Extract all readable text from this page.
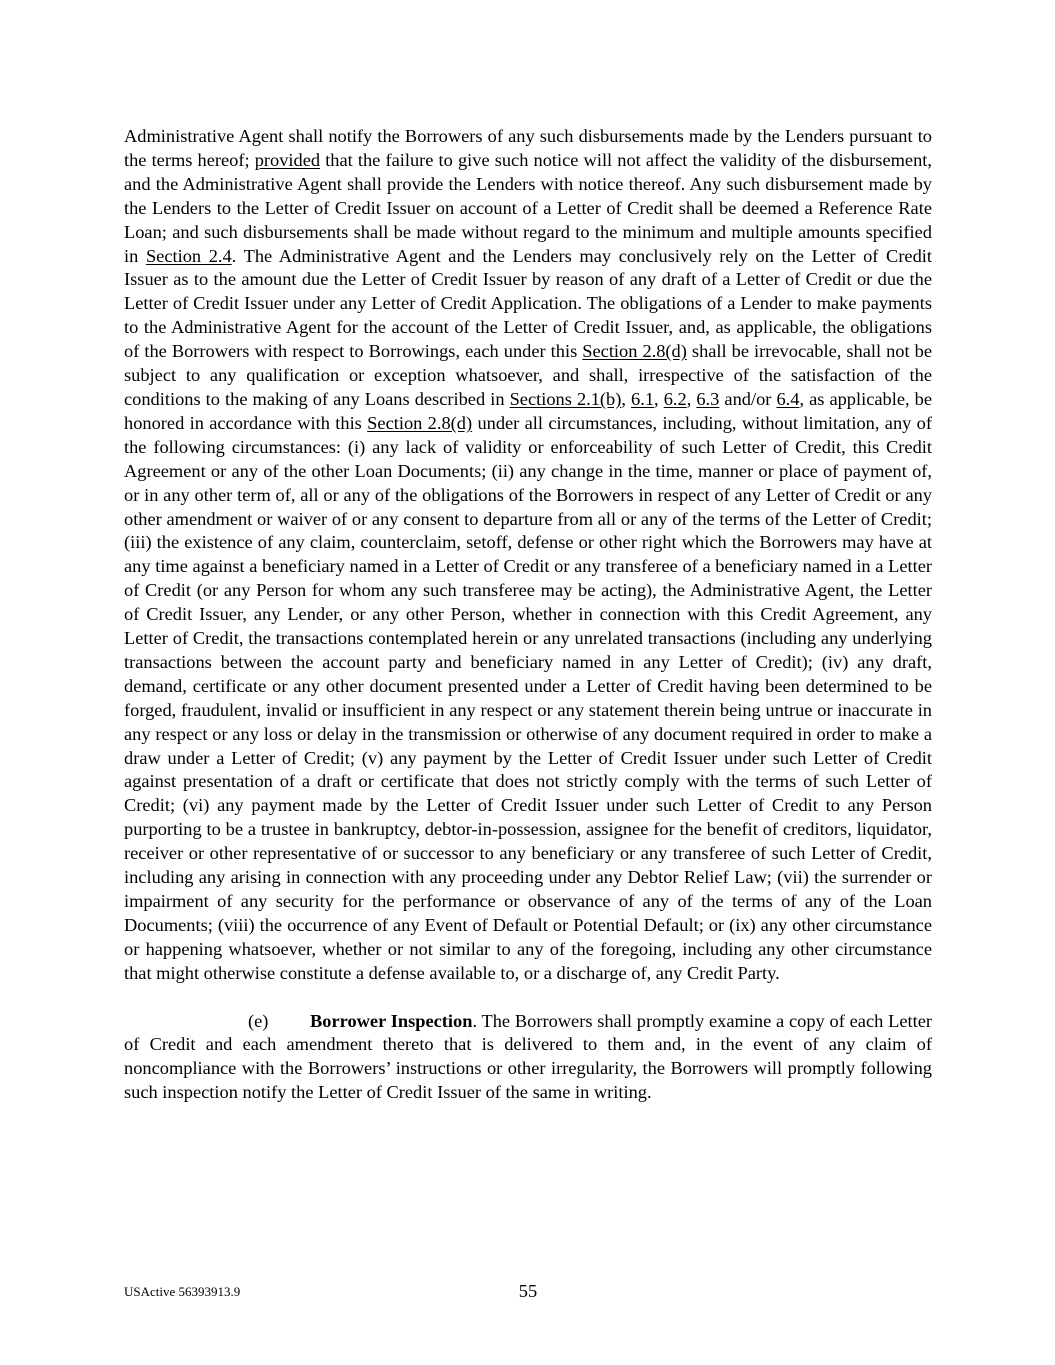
Administrative Agent shall notify the Borrowers of any such disbursements made by the Lenders pursuant to the terms hereof; provided that the failure to give such notice will not affect the validity of the disbursement, and the Administrative Agent shall provide the Lenders with notice thereof. Any such disbursement made by the Lenders to the Letter of Credit Issuer on account of a Letter of Credit shall be deemed a Reference Rate Loan; and such disbursements shall be made without regard to the minimum and multiple amounts specified in Section 2.4. The Administrative Agent and the Lenders may conclusively rely on the Letter of Credit Issuer as to the amount due the Letter of Credit Issuer by reason of any draft of a Letter of Credit or due the Letter of Credit Issuer under any Letter of Credit Application. The obligations of a Lender to make payments to the Administrative Agent for the account of the Letter of Credit Issuer, and, as applicable, the obligations of the Borrowers with respect to Borrowings, each under this Section 2.8(d) shall be irrevocable, shall not be subject to any qualification or exception whatsoever, and shall, irrespective of the satisfaction of the conditions to the making of any Loans described in Sections 2.1(b), 6.1, 6.2, 6.3 and/or 6.4, as applicable, be honored in accordance with this Section 2.8(d) under all circumstances, including, without limitation, any of the following circumstances: (i) any lack of validity or enforceability of such Letter of Credit, this Credit Agreement or any of the other Loan Documents; (ii) any change in the time, manner or place of payment of, or in any other term of, all or any of the obligations of the Borrowers in respect of any Letter of Credit or any other amendment or waiver of or any consent to departure from all or any of the terms of the Letter of Credit; (iii) the existence of any claim, counterclaim, setoff, defense or other right which the Borrowers may have at any time against a beneficiary named in a Letter of Credit or any transferee of a beneficiary named in a Letter of Credit (or any Person for whom any such transferee may be acting), the Administrative Agent, the Letter of Credit Issuer, any Lender, or any other Person, whether in connection with this Credit Agreement, any Letter of Credit, the transactions contemplated herein or any unrelated transactions (including any underlying transactions between the account party and beneficiary named in any Letter of Credit); (iv) any draft, demand, certificate or any other document presented under a Letter of Credit having been determined to be forged, fraudulent, invalid or insufficient in any respect or any statement therein being untrue or inaccurate in any respect or any loss or delay in the transmission or otherwise of any document required in order to make a draw under a Letter of Credit; (v) any payment by the Letter of Credit Issuer under such Letter of Credit against presentation of a draft or certificate that does not strictly comply with the terms of such Letter of Credit; (vi) any payment made by the Letter of Credit Issuer under such Letter of Credit to any Person purporting to be a trustee in bankruptcy, debtor-in-possession, assignee for the benefit of creditors, liquidator, receiver or other representative of or successor to any beneficiary or any transferee of such Letter of Credit, including any arising in connection with any proceeding under any Debtor Relief Law; (vii) the surrender or impairment of any security for the performance or observance of any of the terms of any of the Loan Documents; (viii) the occurrence of any Event of Default or Potential Default; or (ix) any other circumstance or happening whatsoever, whether or not similar to any of the foregoing, including any other circumstance that might otherwise constitute a defense available to, or a discharge of, any Credit Party.

(e) Borrower Inspection. The Borrowers shall promptly examine a copy of each Letter of Credit and each amendment thereto that is delivered to them and, in the event of any claim of noncompliance with the Borrowers’ instructions or other irregularity, the Borrowers will promptly following such inspection notify the Letter of Credit Issuer of the same in writing.

USActive 56393913.9	55
